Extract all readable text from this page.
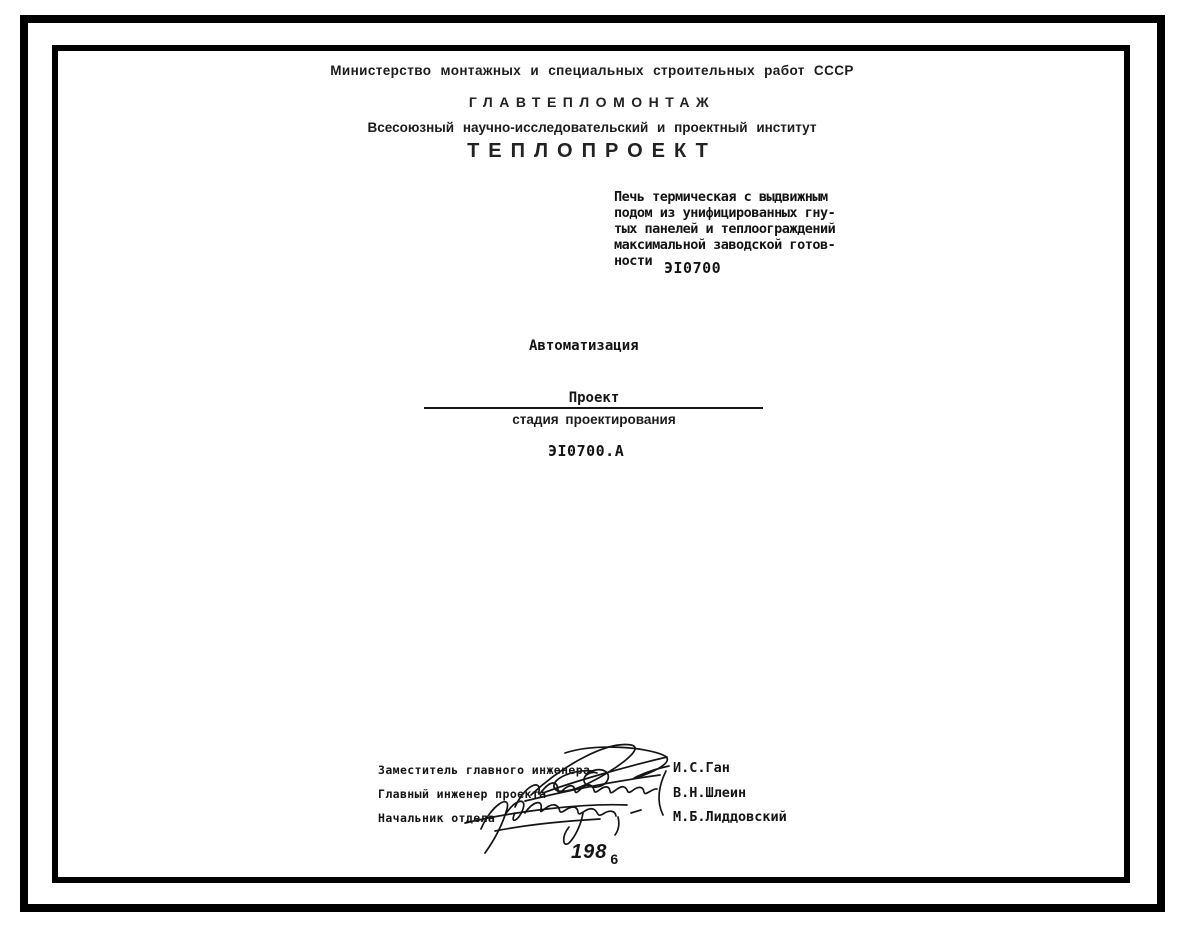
Министерство монтажных и специальных строительных работ СССР
ГЛАВТЕПЛОМОНТАЖ
Всесоюзный научно-исследовательский и проектный институт
ТЕПЛОПРОЕКТ
Печь термическая с выдвижным
подом из унифицированных гну-
тых панелей и теплоограждений
максимальной заводской готов-
ности ЭI0700
Автоматизация
Проект
стадия проектирования
ЭI0700.А
Заместитель главного инженера
Главный инженер проекта
Начальник отдела
И.С.Ган
В.Н.Шлеин
М.Б.Лиддовский
198 $_6$
